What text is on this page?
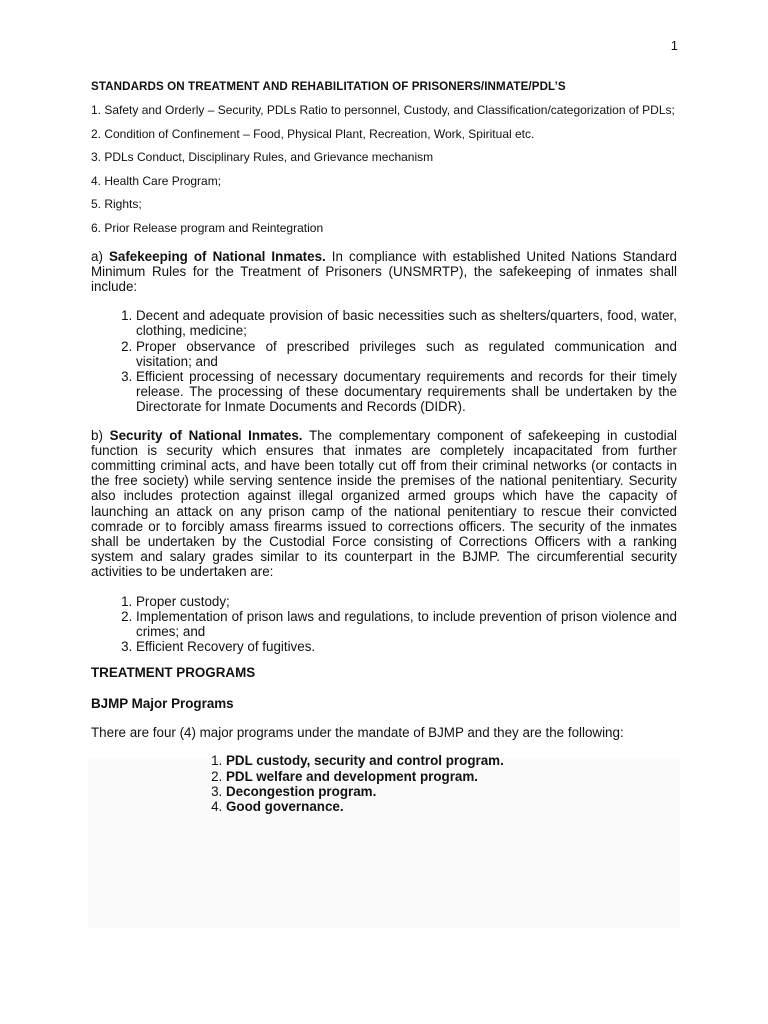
1
STANDARDS ON TREATMENT AND REHABILITATION OF PRISONERS/INMATE/PDL’S
1. Safety and Orderly – Security, PDLs Ratio to personnel, Custody, and Classification/categorization of PDLs;
2. Condition of Confinement – Food, Physical Plant, Recreation, Work, Spiritual etc.
3. PDLs Conduct, Disciplinary Rules, and Grievance mechanism
4. Health Care Program;
5. Rights;
6. Prior Release program and Reintegration

a) Safekeeping of National Inmates. In compliance with established United Nations Standard Minimum Rules for the Treatment of Prisoners (UNSMRTP), the safekeeping of inmates shall include:

1. Decent and adequate provision of basic necessities such as shelters/quarters, food, water, clothing, medicine;
2. Proper observance of prescribed privileges such as regulated communication and visitation; and
3. Efficient processing of necessary documentary requirements and records for their timely release. The processing of these documentary requirements shall be undertaken by the Directorate for Inmate Documents and Records (DIDR).

b) Security of National Inmates. The complementary component of safekeeping in custodial function is security which ensures that inmates are completely incapacitated from further committing criminal acts, and have been totally cut off from their criminal networks (or contacts in the free society) while serving sentence inside the premises of the national penitentiary. Security also includes protection against illegal organized armed groups which have the capacity of launching an attack on any prison camp of the national penitentiary to rescue their convicted comrade or to forcibly amass firearms issued to corrections officers. The security of the inmates shall be undertaken by the Custodial Force consisting of Corrections Officers with a ranking system and salary grades similar to its counterpart in the BJMP. The circumferential security activities to be undertaken are:

1. Proper custody;
2. Implementation of prison laws and regulations, to include prevention of prison violence and crimes; and
3. Efficient Recovery of fugitives.
TREATMENT PROGRAMS
BJMP Major Programs

There are four (4) major programs under the mandate of BJMP and they are the following:

1. PDL custody, security and control program.
2. PDL welfare and development program.
3. Decongestion program.
4. Good governance.
